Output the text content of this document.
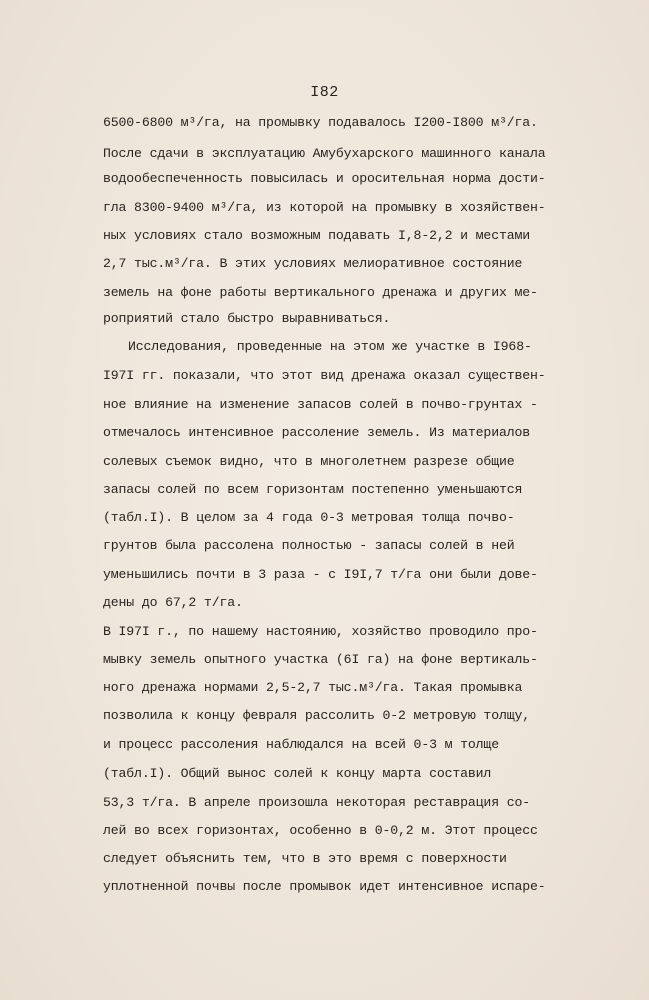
I82
6500-6800 м³/га, на промывку подавалось I200-I800 м³/га.
После сдачи в эксплуатацию Амубухарского машинного канала
водообеспеченность повысилась и оросительная норма дости-
гла 8300-9400 м³/га, из которой на промывку в хозяйствен-
ных условиях стало возможным подавать I,8-2,2 и местами
2,7 тыс.м³/га. В этих условиях мелиоративное состояние
земель на фоне работы вертикального дренажа и других ме-
роприятий стало быстро выравниваться.
Исследования, проведенные на этом же участке в I968-
I97I гг. показали, что этот вид дренажа оказал существен-
ное влияние на изменение запасов солей в почво-грунтах -
отмечалось интенсивное рассоление земель. Из материалов
солевых съемок видно, что в многолетнем разрезе общие
запасы солей по всем горизонтам постепенно уменьшаются
(табл.I). В целом за 4 года 0-3 метровая толща почво-
грунтов была рассолена полностью - запасы солей в ней
уменьшились почти в 3 раза - с I9I,7 т/га они были дове-
дены до 67,2 т/га.
В I97I г., по нашему настоянию, хозяйство проводило про-
мывку земель опытного участка (6I га) на фоне вертикаль-
ного дренажа нормами 2,5-2,7 тыс.м³/га. Такая промывка
позволила к концу февраля рассолить 0-2 метровую толщу,
и процесс рассоления наблюдался на всей 0-3 м толще
(табл.I). Общий вынос солей к концу марта составил
53,3 т/га. В апреле произошла некоторая реставрация со-
лей во всех горизонтах, особенно в 0-0,2 м. Этот процесс
следует объяснить тем, что в это время с поверхности
уплотненной почвы после промывок идет интенсивное испаре-
